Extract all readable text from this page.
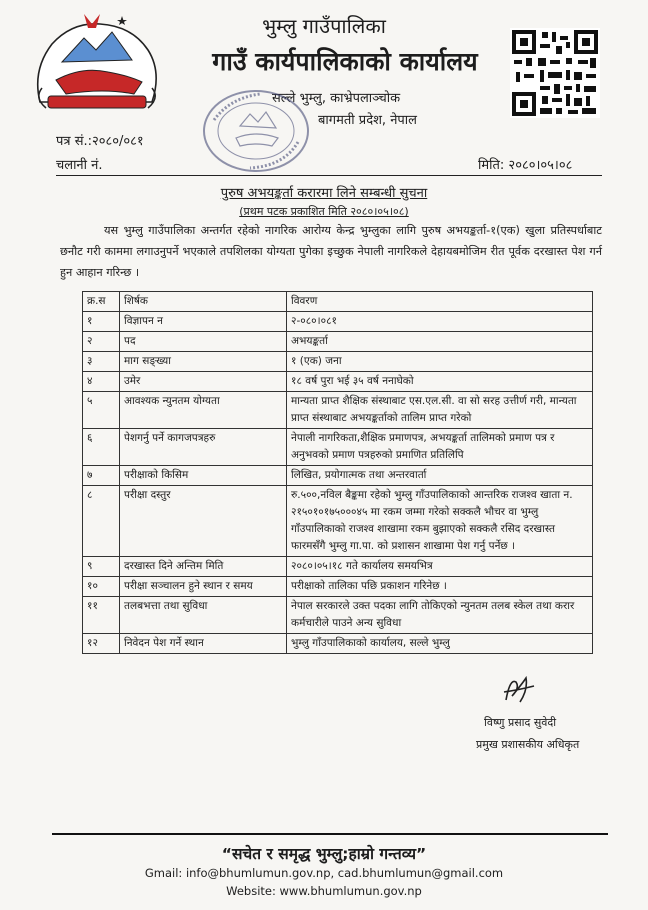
भुम्लु गाउँपालिका
गाउँ कार्यपालिकाको कार्यालय
सल्ले भुम्लु, काभ्रेपलाञ्चोक
बागमती प्रदेश, नेपाल
पत्र सं.:२०८०/०८१
चलानी नं.	मिति: २०८०।०५।०८
पुरुष अभयङ्कर्ता करारमा लिने सम्बन्धी सुचना
(प्रथम पटक प्रकाशित मिति २०८०।०५।०८)
यस भुम्लु गाउँपालिका अन्तर्गत रहेको नागरिक आरोग्य केन्द्र भुम्लुका लागि पुरुष अभयङ्कर्ता-१(एक) खुला प्रतिस्पर्धाबाट छनौट गरी काममा लगाउनुपर्ने भएकाले तपशिलका योग्यता पुगेका इच्छुक नेपाली नागरिकले देहायबमोजिम रीत पूर्वक दरखास्त पेश गर्न हुन आहान गरिन्छ ।
क्र.स	शिर्षक	विवरण
१	विज्ञापन न	२-०८०।०८१
२	पद	अभयङ्कर्ता
३	माग सङ्ख्या	१ (एक) जना
४	उमेर	१८ वर्ष पुरा भई ३५ वर्ष ननाघेको
५	आवश्यक न्युनतम योग्यता	मान्यता प्राप्त शैक्षिक संस्थाबाट एस.एल.सी. वा सो सरह उत्तीर्ण गरी, मान्यता प्राप्त संस्थाबाट अभयङ्कर्ताको तालिम प्राप्त गरेको
६	पेशगर्नु पर्ने कागजपत्रहरु	नेपाली नागरिकता,शैक्षिक प्रमाणपत्र, अभयङ्कर्ता तालिमको प्रमाण पत्र र अनुभवको प्रमाण पत्रहरुको प्रमाणित प्रतिलिपि
७	परीक्षाको किसिम	लिखित, प्रयोगात्मक तथा अन्तरवार्ता
८	परीक्षा दस्तुर	रु.५००,नविल बैङ्कमा रहेको भुम्लु गाँउपालिकाको आन्तरिक राजश्व खाता न. २१५०१०१७५०००४५ मा रकम जम्मा गरेको सक्कलै भौचर वा भुम्लु गाँउपालिकाको राजश्व शाखामा रकम बुझाएको सक्कलै रसिद दरखास्त फारमसँगै भुम्लु गा.पा. को प्रशासन शाखामा पेश गर्नु पर्नेछ ।
९	दरखास्त दिने अन्तिम मिति	२०८०।०५।१८ गते कार्यालय समयभित्र
१०	परीक्षा सञ्चालन हुने स्थान र समय	परीक्षाको तालिका पछि प्रकाशन गरिनेछ ।
११	तलबभत्ता तथा सुविधा	नेपाल सरकारले उक्त पदका लागि तोकिएको न्युनतम तलब स्केल तथा करार कर्मचारीले पाउने अन्य सुविधा
१२	निवेदन पेश गर्ने स्थान	भुम्लु गाँउपालिकाको कार्यालय, सल्ले भुम्लु
विष्णु प्रसाद सुवेदी
प्रमुख प्रशासकीय अधिकृत
“सचेत र समृद्ध भुम्लु;हाम्रो गन्तव्य”
Gmail: info@bhumlumun.gov.np, cad.bhumlumun@gmail.com
Website: www.bhumlumun.gov.np
